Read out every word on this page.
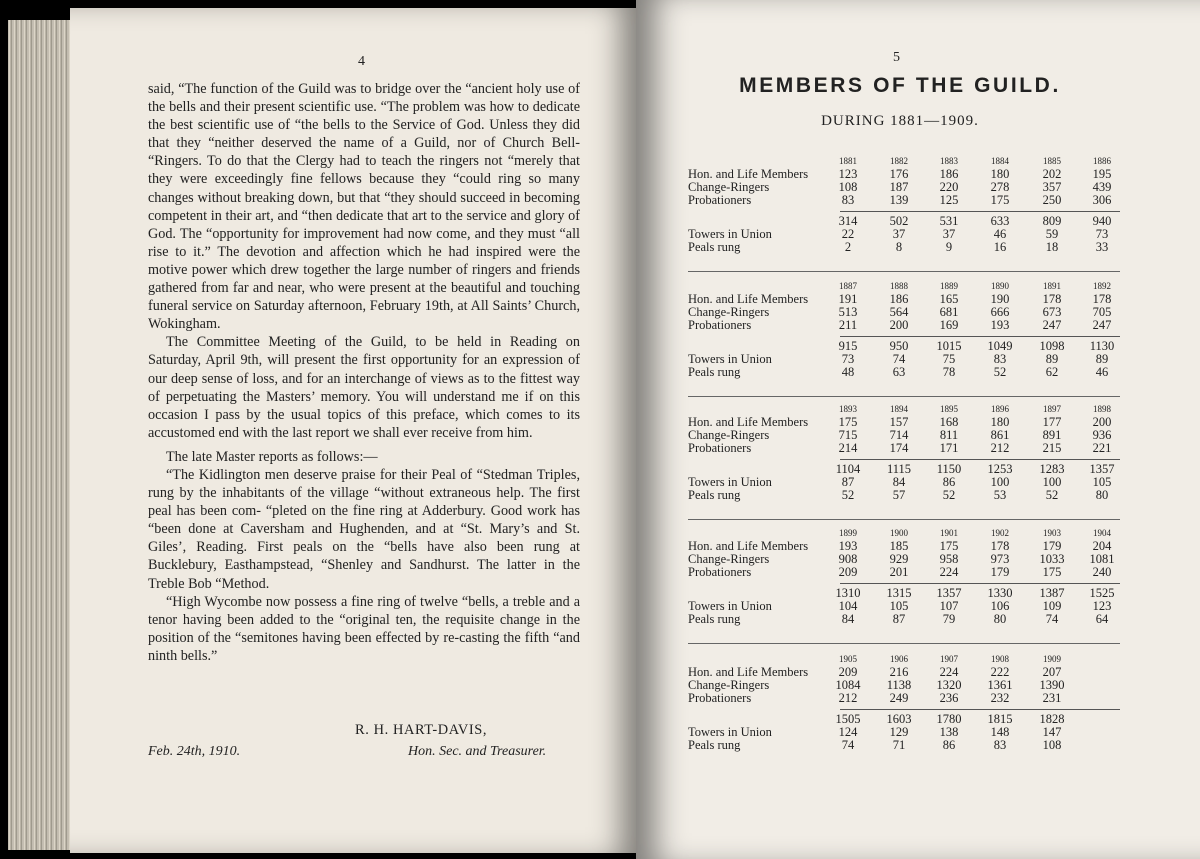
4

said, “The function of the Guild was to bridge over the “ancient holy use of the bells and their present scientific use. “The problem was how to dedicate the best scientific use of “the bells to the Service of God. Unless they did that they “neither deserved the name of a Guild, nor of Church Bell- “Ringers. To do that the Clergy had to teach the ringers not “merely that they were exceedingly fine fellows because they “could ring so many changes without breaking down, but that “they should succeed in becoming competent in their art, and “then dedicate that art to the service and glory of God. The “opportunity for improvement had now come, and they must “all rise to it.” The devotion and affection which he had inspired were the motive power which drew together the large number of ringers and friends gathered from far and near, who were present at the beautiful and touching funeral service on Saturday afternoon, February 19th, at All Saints’ Church, Wokingham.

The Committee Meeting of the Guild, to be held in Reading on Saturday, April 9th, will present the first opportunity for an expression of our deep sense of loss, and for an interchange of views as to the fittest way of perpetuating the Masters’ memory. You will understand me if on this occasion I pass by the usual topics of this preface, which comes to its accustomed end with the last report we shall ever receive from him.

The late Master reports as follows:—

“The Kidlington men deserve praise for their Peal of “Stedman Triples, rung by the inhabitants of the village “without extraneous help. The first peal has been com- “pleted on the fine ring at Adderbury. Good work has “been done at Caversham and Hughenden, and at “St. Mary’s and St. Giles’, Reading. First peals on the “bells have also been rung at Bucklebury, Easthampstead, “Shenley and Sandhurst. The latter in the Treble Bob “Method.

“High Wycombe now possess a fine ring of twelve “bells, a treble and a tenor having been added to the “original ten, the requisite change in the position of the “semitones having been effected by re-casting the fifth “and ninth bells.”

R. H. HART-DAVIS,
Feb. 24th, 1910.	Hon. Sec. and Treasurer.
5
MEMBERS OF THE GUILD.
DURING 1881—1909.
1881	1882	1883	1884	1885	1886
Hon. and Life Members	123	176	186	180	202	195
Change-Ringers	108	187	220	278	357	439
Probationers	83	139	125	175	250	306
314	502	531	633	809	940
Towers in Union	22	37	37	46	59	73
Peals rung	2	8	9	16	18	33
1887	1888	1889	1890	1891	1892
Hon. and Life Members	191	186	165	190	178	178
Change-Ringers	513	564	681	666	673	705
Probationers	211	200	169	193	247	247
915	950	1015	1049	1098	1130
Towers in Union	73	74	75	83	89	89
Peals rung	48	63	78	52	62	46
1893	1894	1895	1896	1897	1898
Hon. and Life Members	175	157	168	180	177	200
Change-Ringers	715	714	811	861	891	936
Probationers	214	174	171	212	215	221
1104	1115	1150	1253	1283	1357
Towers in Union	87	84	86	100	100	105
Peals rung	52	57	52	53	52	80
1899	1900	1901	1902	1903	1904
Hon. and Life Members	193	185	175	178	179	204
Change-Ringers	908	929	958	973	1033	1081
Probationers	209	201	224	179	175	240
1310	1315	1357	1330	1387	1525
Towers in Union	104	105	107	106	109	123
Peals rung	84	87	79	80	74	64
1905	1906	1907	1908	1909
Hon. and Life Members	209	216	224	222	207
Change-Ringers	1084	1138	1320	1361	1390
Probationers	212	249	236	232	231
1505	1603	1780	1815	1828
Towers in Union	124	129	138	148	147
Peals rung	74	71	86	83	108
